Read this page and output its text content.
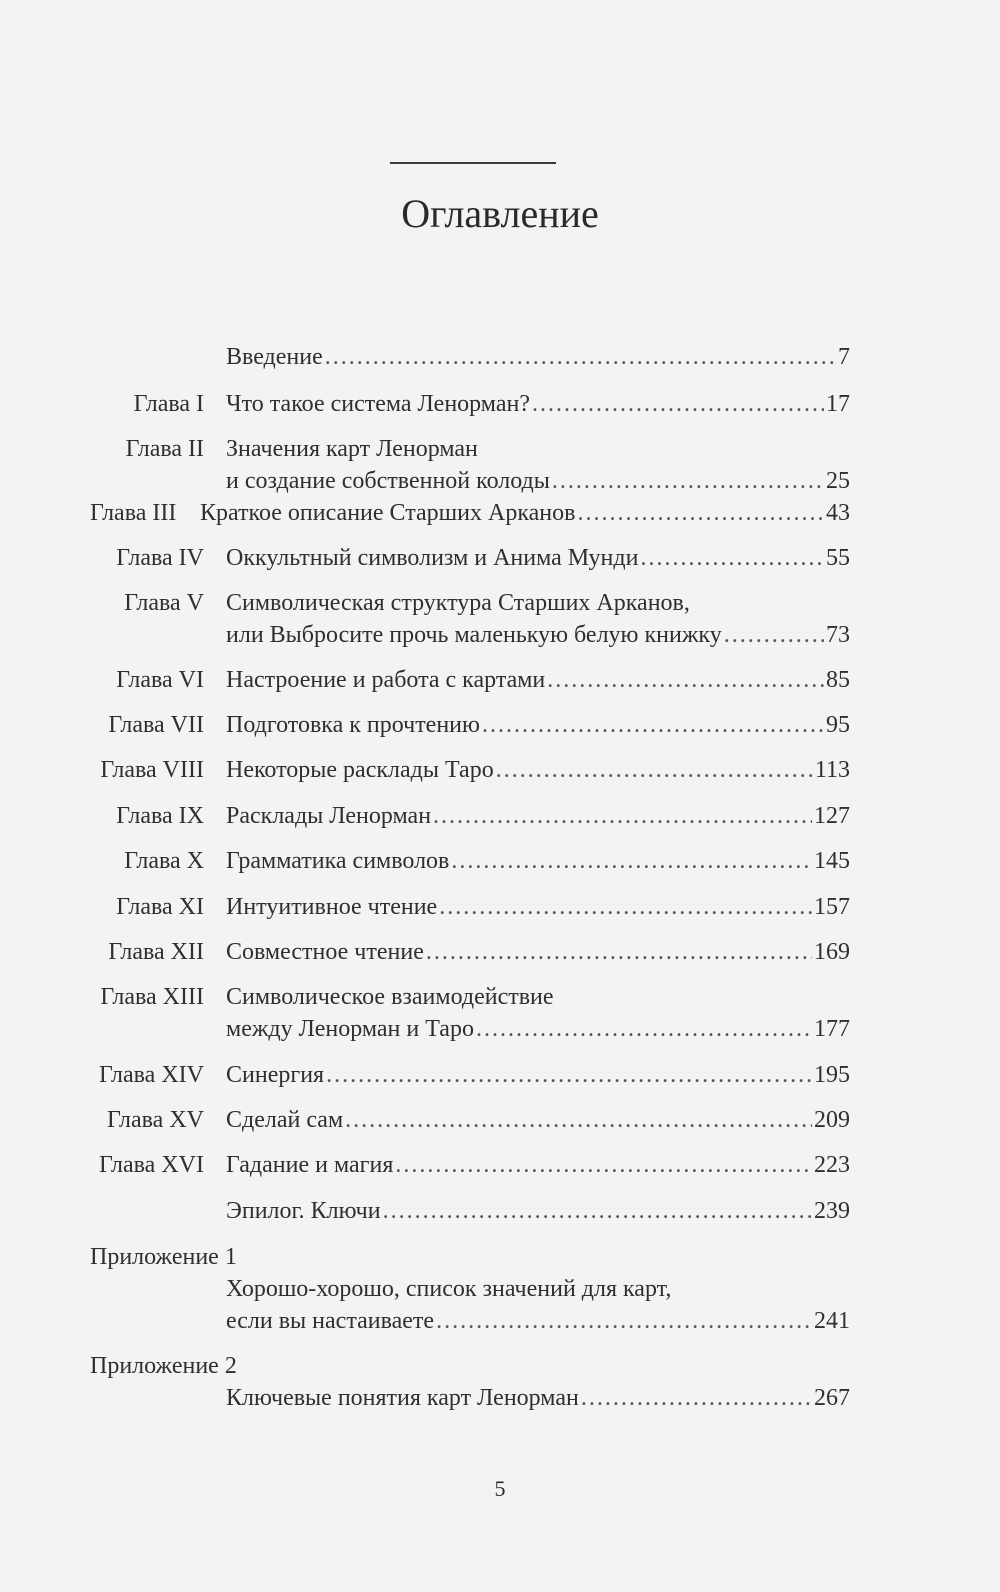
Оглавление
Введение .....	7
Глава I Что такое система Ленорман? .....	17
Глава II Значения карт Ленорман
и создание собственной колоды .....	25
Глава III Краткое описание Старших Арканов .....	43
Глава IV Оккультный символизм и Анима Мунди .....	55
Глава V Символическая структура Старших Арканов,
или Выбросите прочь маленькую белую книжку .....	73
Глава VI Настроение и работа с картами .....	85
Глава VII Подготовка к прочтению .....	95
Глава VIII Некоторые расклады Таро .....	113
Глава IX Расклады Ленорман .....	127
Глава X Грамматика символов .....	145
Глава XI Интуитивное чтение .....	157
Глава XII Совместное чтение .....	169
Глава XIII Символическое взаимодействие
между Ленорман и Таро .....	177
Глава XIV Синергия .....	195
Глава XV Сделай сам .....	209
Глава XVI Гадание и магия .....	223
Эпилог. Ключи .....	239
Приложение 1
Хорошо-хорошо, список значений для карт,
если вы настаиваете .....	241
Приложение 2
Ключевые понятия карт Ленорман .....	267
5
